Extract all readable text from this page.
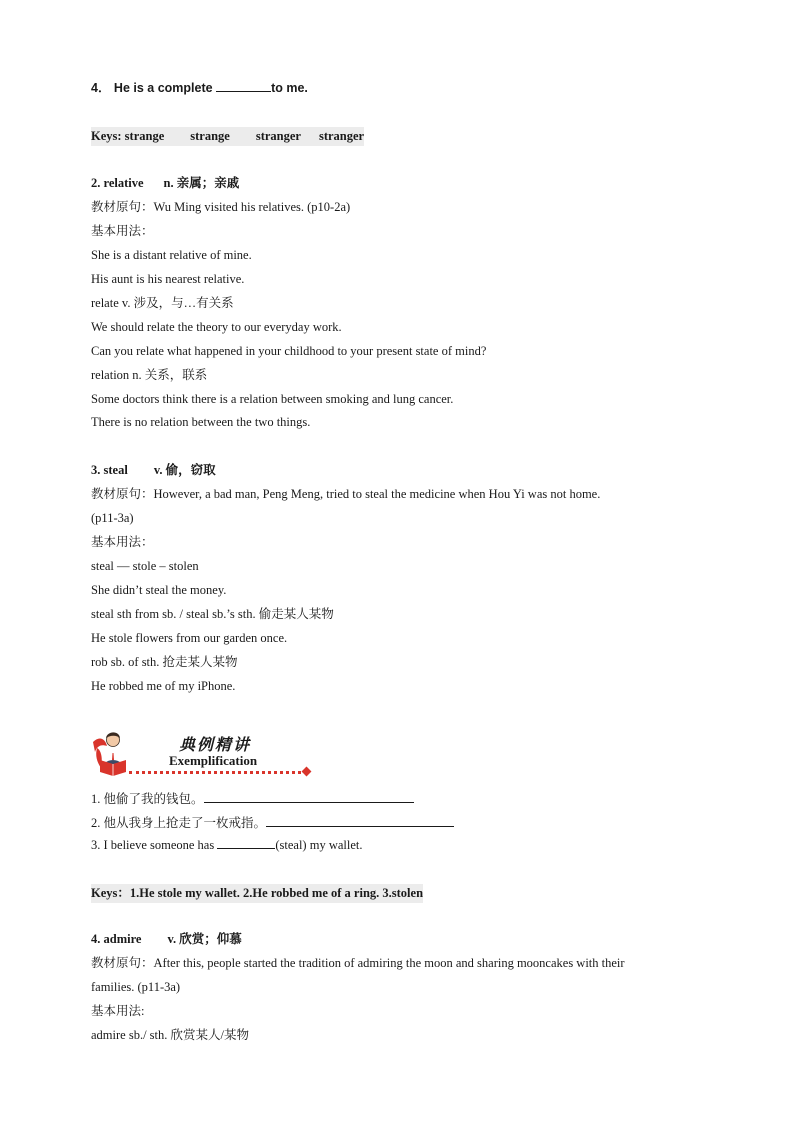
4． He is a complete	to me.
Keys: strange strange stranger stranger
2. relative n. 亲属；亲戚
教材原句：Wu Ming visited his relatives. (p10-2a)
基本用法：
She is a distant relative of mine.
His aunt is his nearest relative.
relate v. 涉及，与…有关系
We should relate the theory to our everyday work.
Can you relate what happened in your childhood to your present state of mind?
relation n. 关系，联系
Some doctors think there is a relation between smoking and lung cancer.
There is no relation between the two things.
3. steal v. 偷，窃取
教材原句：However, a bad man, Peng Meng, tried to steal the medicine when Hou Yi was not home.
(p11-3a)
基本用法：
steal — stole – stolen
She didn’t steal the money.
steal sth from sb. / steal sb.’s sth. 偷走某人某物
He stole flowers from our garden once.
rob sb. of sth. 抢走某人某物
He robbed me of my iPhone.
典例精讲
Exemplification
1. 他偷了我的钱包。
2. 他从我身上抢走了一枚戒指。
3. I believe someone has	(steal) my wallet.
Keys：1.He stole my wallet. 2.He robbed me of a ring. 3.stolen
4. admire v. 欣赏；仰慕
教材原句：After this, people started the tradition of admiring the moon and sharing mooncakes with their
families. (p11-3a)
基本用法:
admire sb./ sth. 欣赏某人/某物
